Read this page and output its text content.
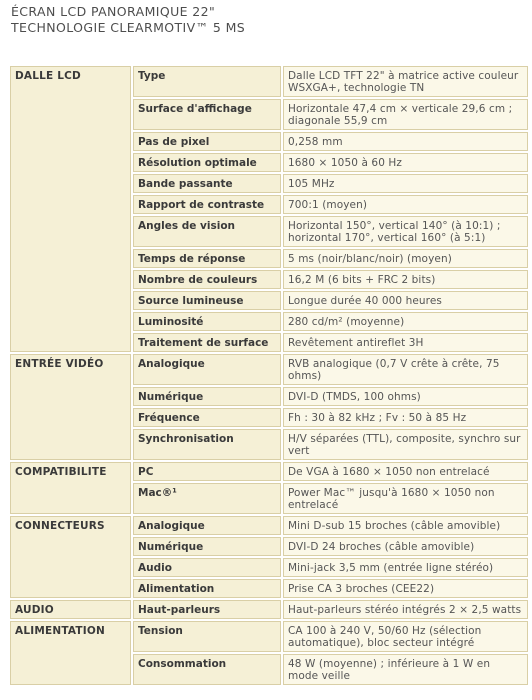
ÉCRAN LCD PANORAMIQUE 22"
TECHNOLOGIE CLEARMOTIV™ 5 MS
DALLE LCD	Type	Dalle LCD TFT 22" à matrice active couleur WSXGA+, technologie TN
	Surface d'affichage	Horizontale 47,4 cm × verticale 29,6 cm ; diagonale 55,9 cm
	Pas de pixel	0,258 mm
	Résolution optimale	1680 × 1050 à 60 Hz
	Bande passante	105 MHz
	Rapport de contraste	700:1 (moyen)
	Angles de vision	Horizontal 150°, vertical 140° (à 10:1) ; horizontal 170°, vertical 160° (à 5:1)
	Temps de réponse	5 ms (noir/blanc/noir) (moyen)
	Nombre de couleurs	16,2 M (6 bits + FRC 2 bits)
	Source lumineuse	Longue durée 40 000 heures
	Luminosité	280 cd/m² (moyenne)
	Traitement de surface	Revêtement antireflet 3H
ENTRÉE VIDÉO	Analogique	RVB analogique (0,7 V crête à crête, 75 ohms)
	Numérique	DVI-D (TMDS, 100 ohms)
	Fréquence	Fh : 30 à 82 kHz ; Fv : 50 à 85 Hz
	Synchronisation	H/V séparées (TTL), composite, synchro sur vert
COMPATIBILITE	PC	De VGA à 1680 × 1050 non entrelacé
	Mac®¹	Power Mac™ jusqu'à 1680 × 1050 non entrelacé
CONNECTEURS	Analogique	Mini D-sub 15 broches (câble amovible)
	Numérique	DVI-D 24 broches (câble amovible)
	Audio	Mini-jack 3,5 mm (entrée ligne stéréo)
	Alimentation	Prise CA 3 broches (CEE22)
AUDIO	Haut-parleurs	Haut-parleurs stéréo intégrés 2 × 2,5 watts
ALIMENTATION	Tension	CA 100 à 240 V, 50/60 Hz (sélection automatique), bloc secteur intégré
	Consommation	48 W (moyenne) ; inférieure à 1 W en mode veille
